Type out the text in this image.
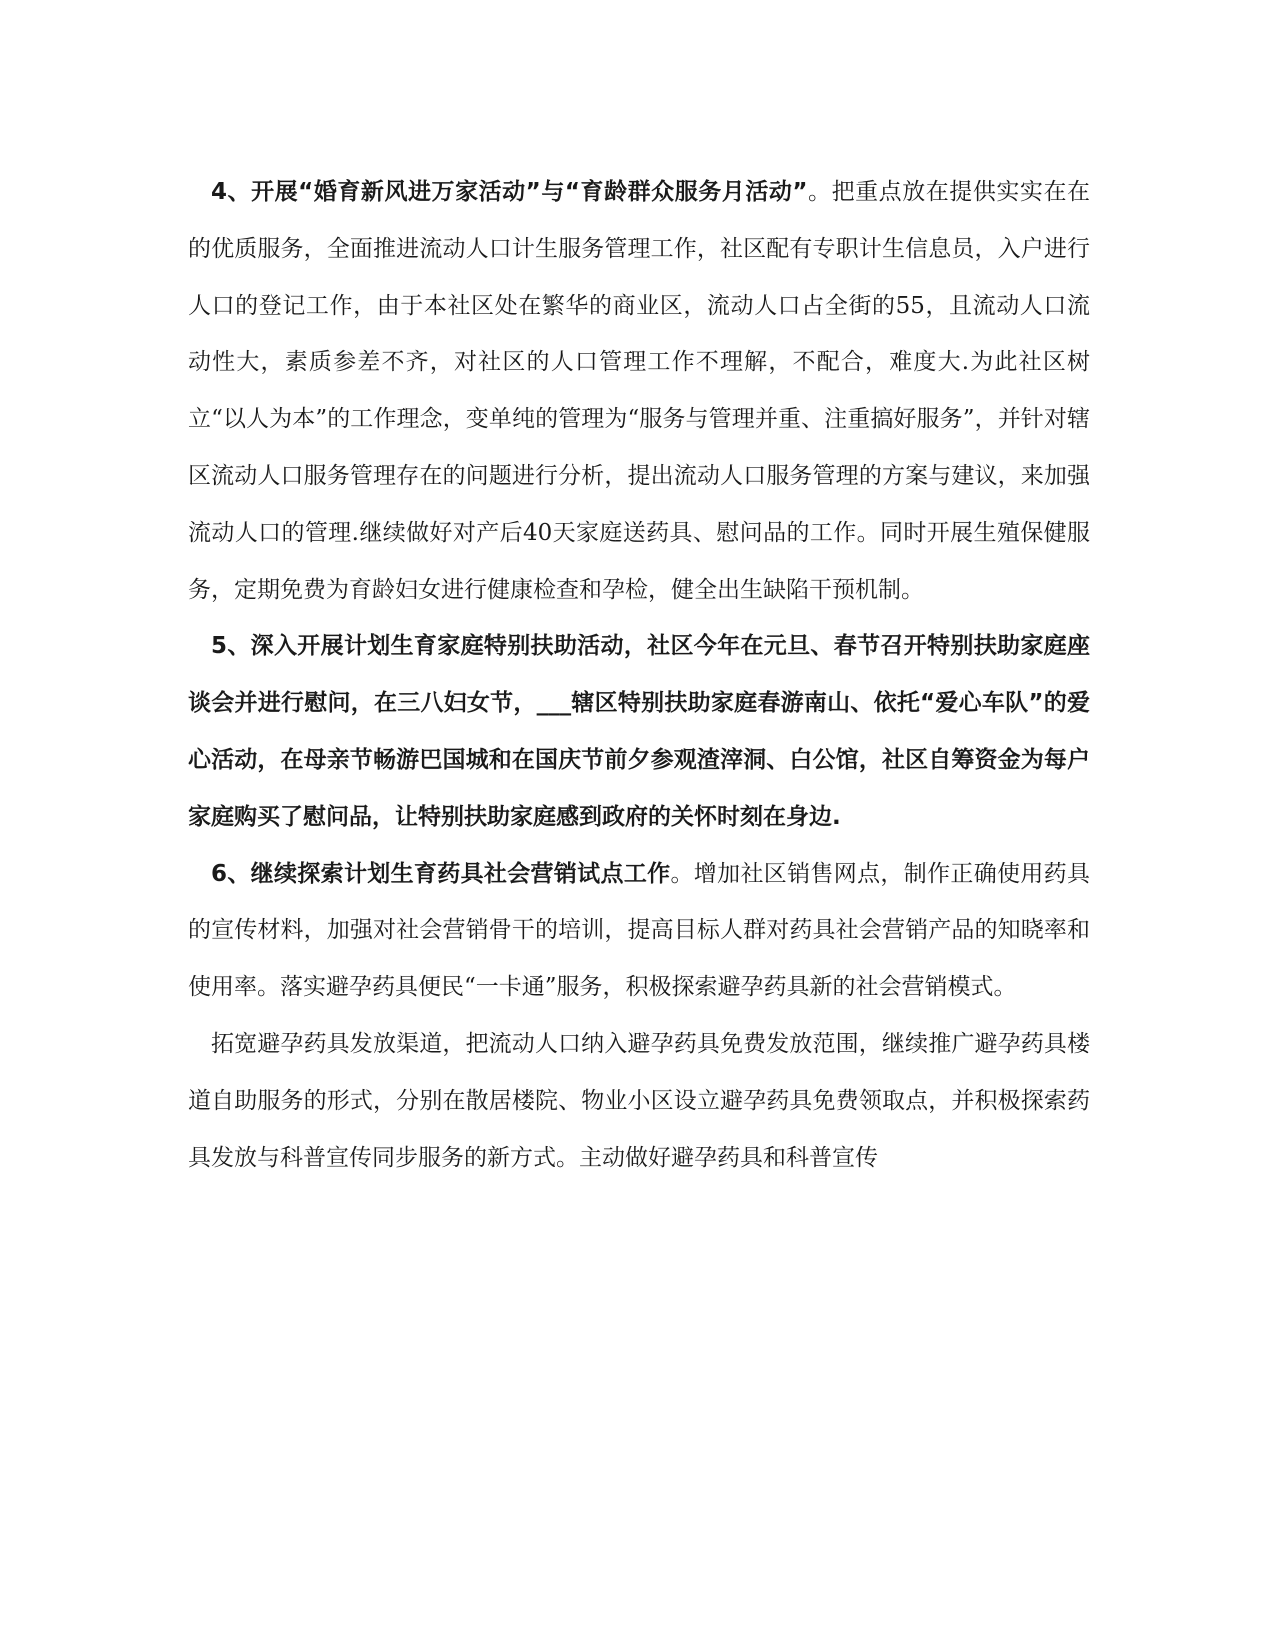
4、开展“婚育新风进万家活动”与“育龄群众服务月活动”。把重点放在提供实实在在的优质服务，全面推进流动人口计生服务管理工作，社区配有专职计生信息员，入户进行人口的登记工作，由于本社区处在繁华的商业区，流动人口占全街的55，且流动人口流动性大，素质参差不齐，对社区的人口管理工作不理解，不配合，难度大.为此社区树立“以人为本”的工作理念，变单纯的管理为“服务与管理并重、注重搞好服务”，并针对辖区流动人口服务管理存在的问题进行分析，提出流动人口服务管理的方案与建议，来加强流动人口的管理.继续做好对产后40天家庭送药具、慰问品的工作。同时开展生殖保健服务，定期免费为育龄妇女进行健康检查和孕检，健全出生缺陷干预机制。

5、深入开展计划生育家庭特别扶助活动，社区今年在元旦、春节召开特别扶助家庭座谈会并进行慰问，在三八妇女节，___辖区特别扶助家庭春游南山、依托“爱心车队”的爱心活动，在母亲节畅游巴国城和在国庆节前夕参观渣滓洞、白公馆，社区自筹资金为每户家庭购买了慰问品，让特别扶助家庭感到政府的关怀时刻在身边.

6、继续探索计划生育药具社会营销试点工作。增加社区销售网点，制作正确使用药具的宣传材料，加强对社会营销骨干的培训，提高目标人群对药具社会营销产品的知晓率和使用率。落实避孕药具便民“一卡通”服务，积极探索避孕药具新的社会营销模式。

拓宽避孕药具发放渠道，把流动人口纳入避孕药具免费发放范围，继续推广避孕药具楼道自助服务的形式，分别在散居楼院、物业小区设立避孕药具免费领取点，并积极探索药具发放与科普宣传同步服务的新方式。主动做好避孕药具和科普宣传
